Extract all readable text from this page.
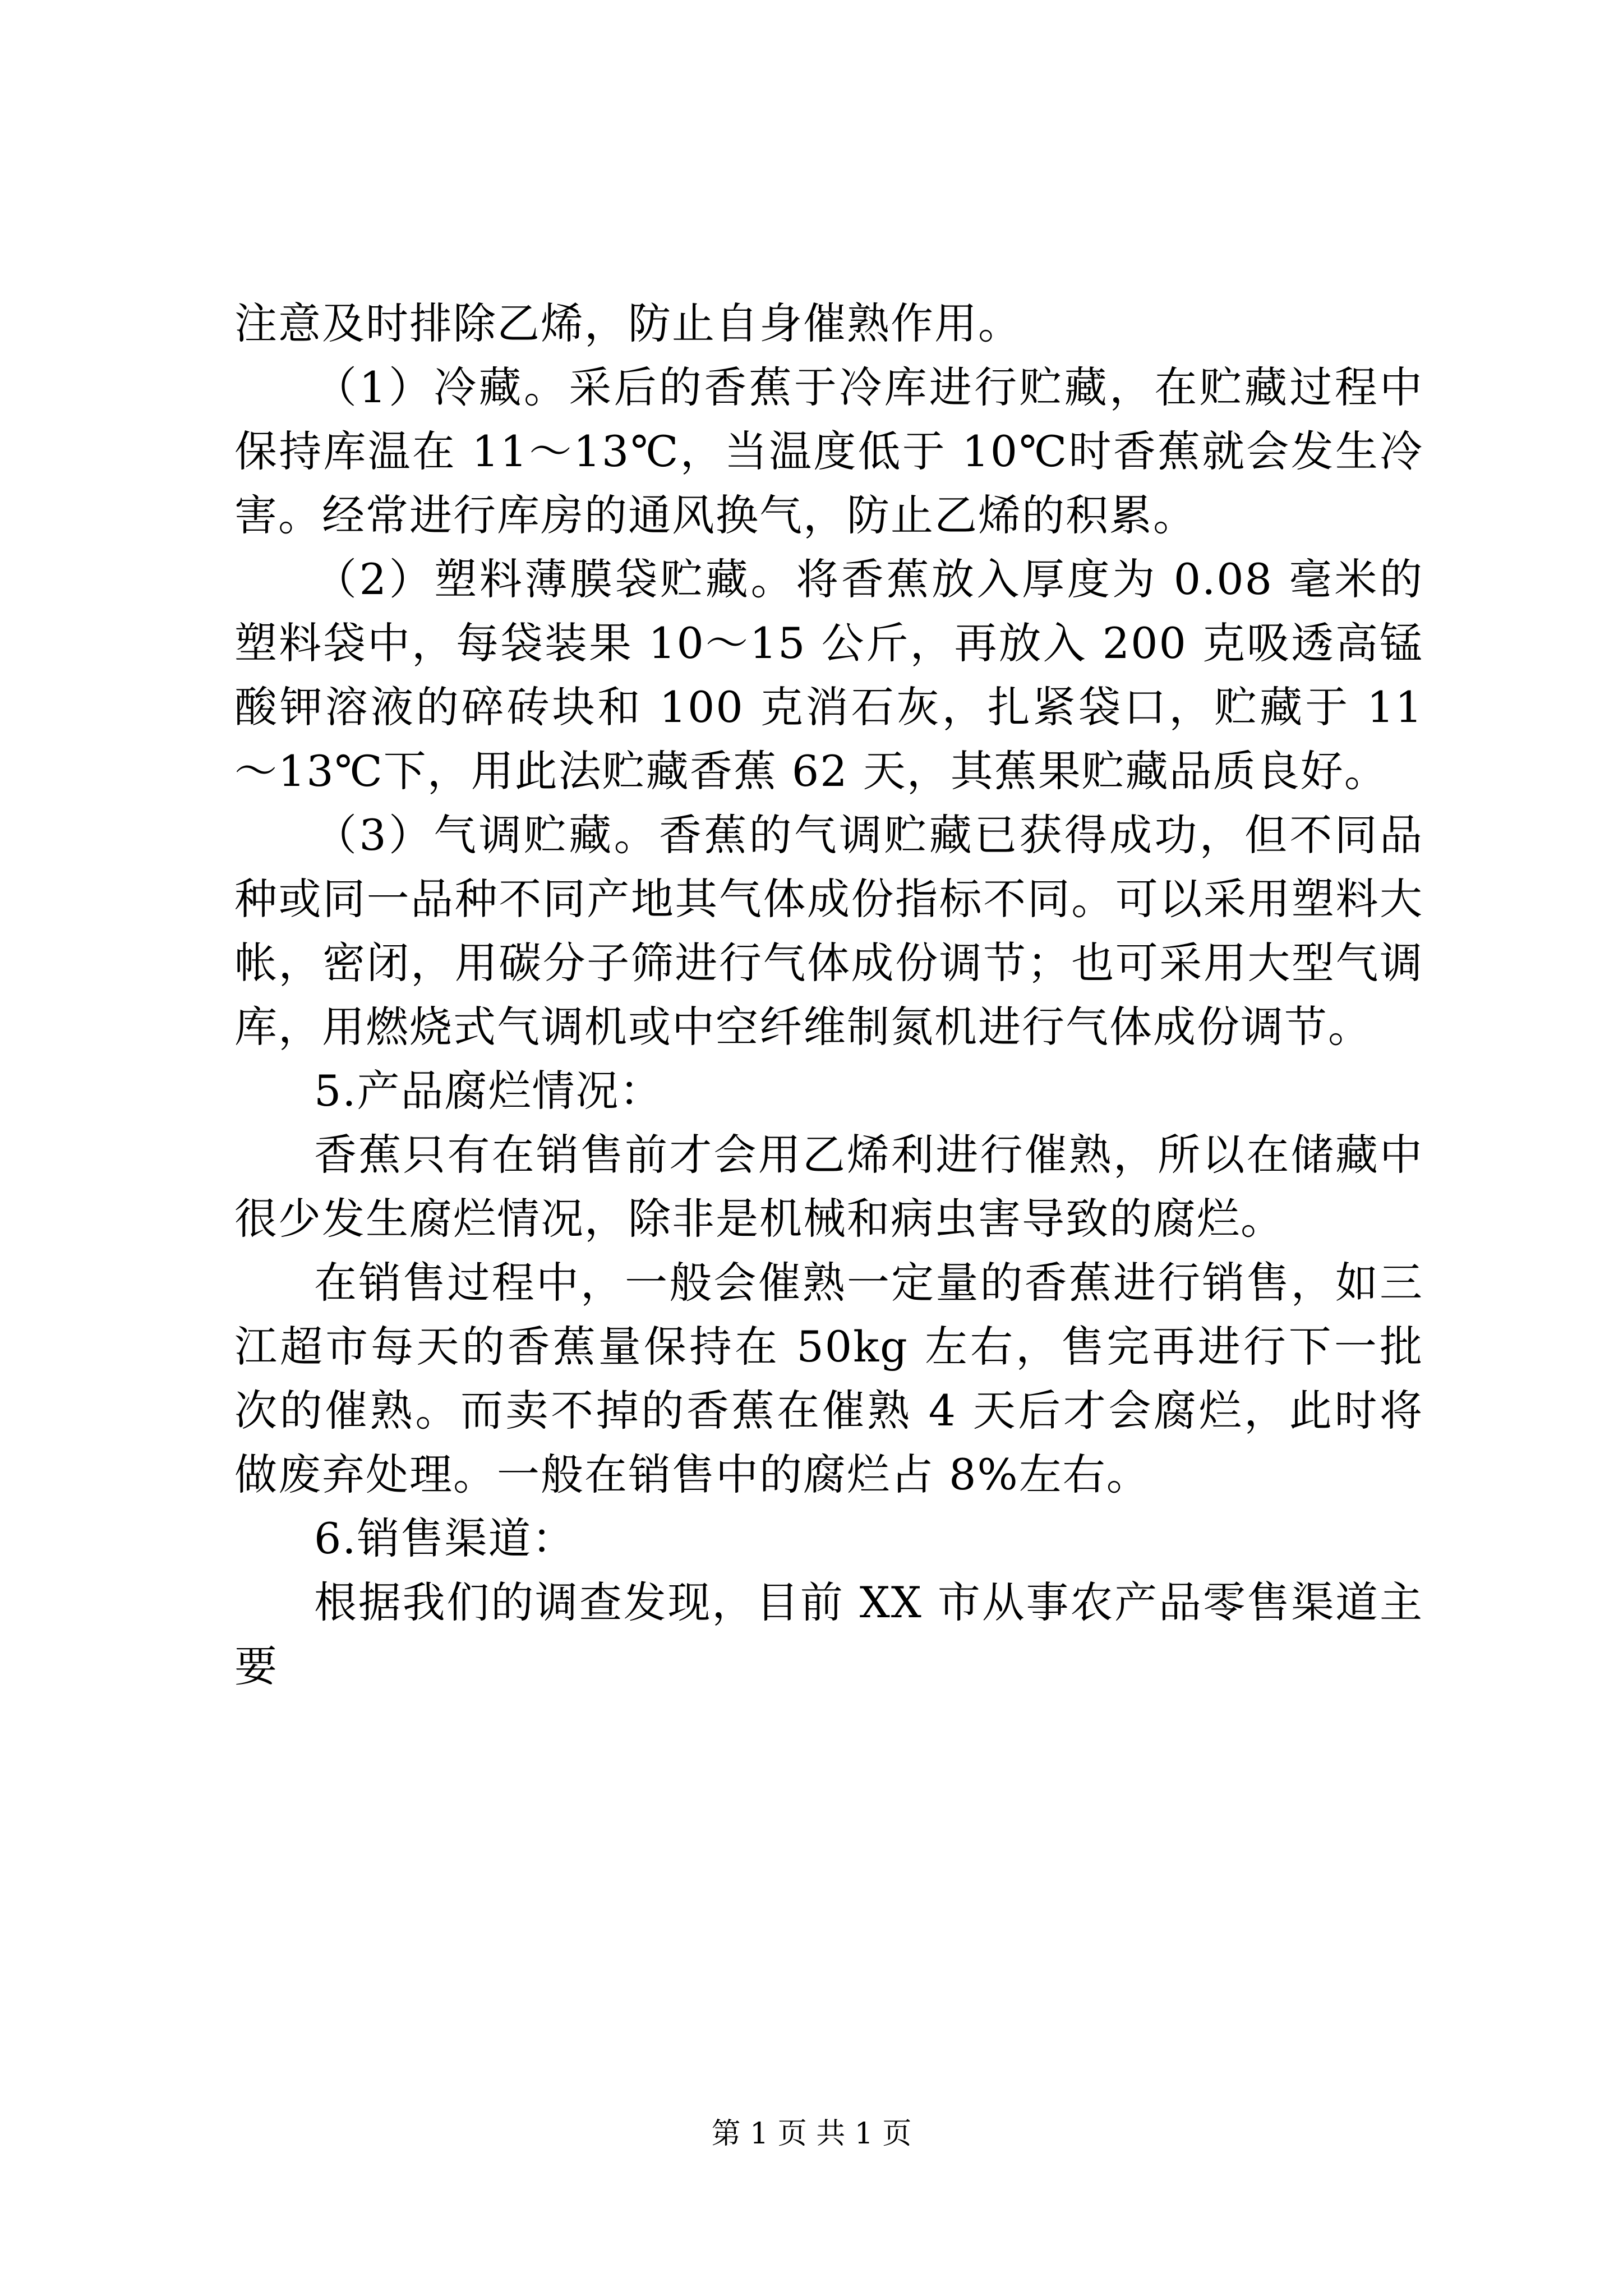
注意及时排除乙烯，防止自身催熟作用。

（1）冷藏。采后的香蕉于冷库进行贮藏，在贮藏过程中保持库温在 11～13℃，当温度低于 10℃时香蕉就会发生冷害。经常进行库房的通风换气，防止乙烯的积累。

（2）塑料薄膜袋贮藏。将香蕉放入厚度为 0.08 毫米的塑料袋中，每袋装果 10～15 公斤，再放入 200 克吸透高锰酸钾溶液的碎砖块和 100 克消石灰，扎紧袋口，贮藏于 11～13℃下，用此法贮藏香蕉 62 天，其蕉果贮藏品质良好。

（3）气调贮藏。香蕉的气调贮藏已获得成功，但不同品种或同一品种不同产地其气体成份指标不同。可以采用塑料大帐，密闭，用碳分子筛进行气体成份调节；也可采用大型气调库，用燃烧式气调机或中空纤维制氮机进行气体成份调节。

5.产品腐烂情况：

香蕉只有在销售前才会用乙烯利进行催熟，所以在储藏中很少发生腐烂情况，除非是机械和病虫害导致的腐烂。

在销售过程中，一般会催熟一定量的香蕉进行销售，如三江超市每天的香蕉量保持在 50kg 左右，售完再进行下一批次的催熟。而卖不掉的香蕉在催熟 4 天后才会腐烂，此时将做废弃处理。一般在销售中的腐烂占 8%左右。

6.销售渠道：

根据我们的调查发现，目前 XX 市从事农产品零售渠道主要

第 1 页 共 1 页
